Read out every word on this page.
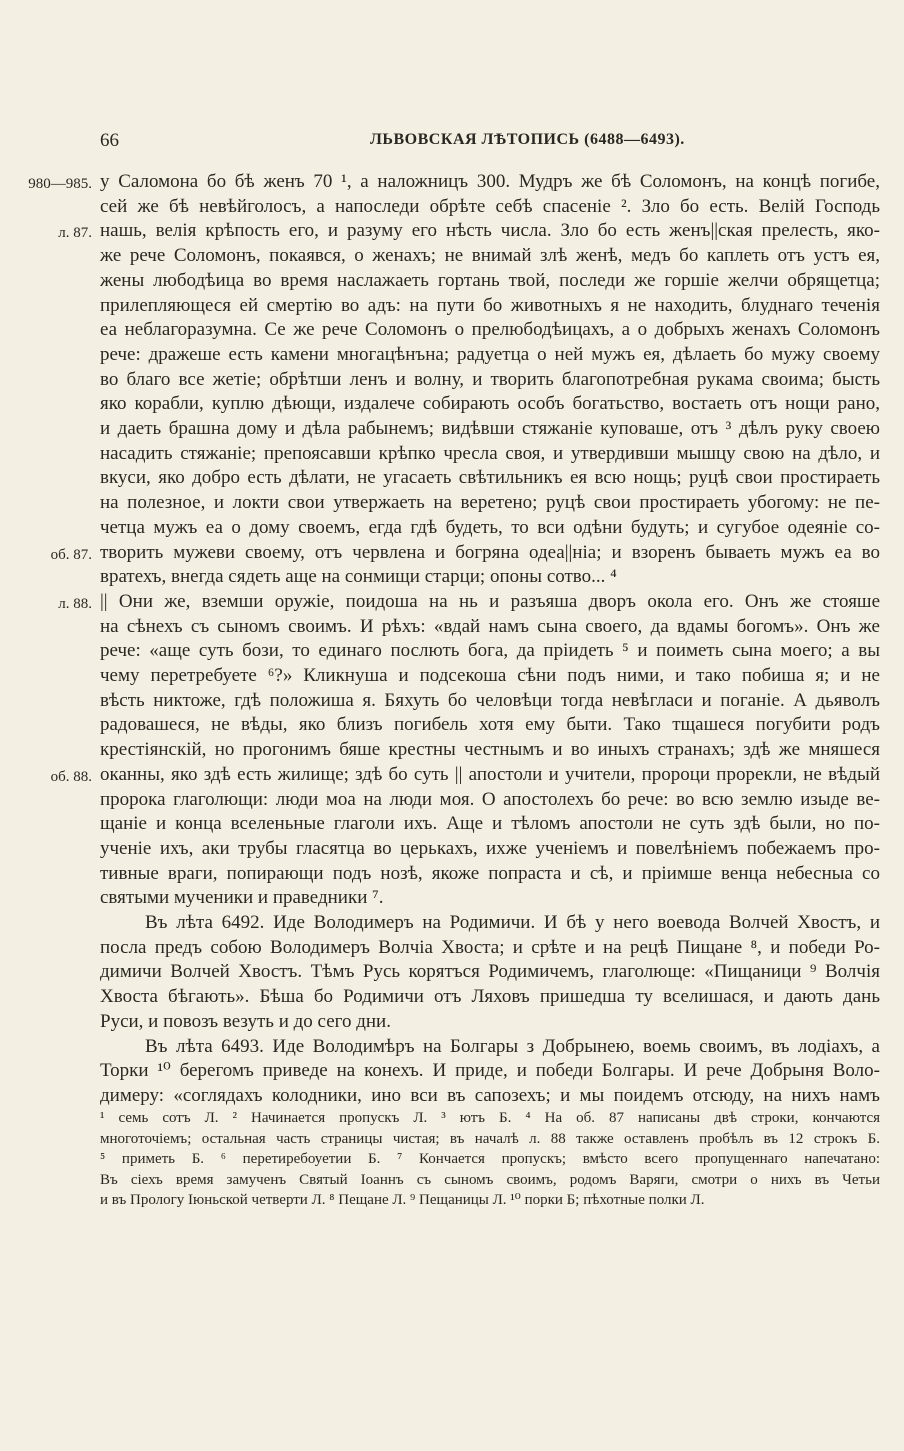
66	ЛЬВОВСКАЯ ЛѢТОПИСЬ (6488—6493).
980—985.
л. 87.
об. 87.
л. 88.
об. 88.
у Саломона бо бѣ женъ 70 ¹, а наложницъ 300. Мудръ же бѣ Соломонъ, на концѣ погибе,
сей же бѣ невѣйголосъ, а напоследи обрѣте себѣ спасеніе ². Зло бо есть. Велій Господь
нашь, велія крѣпость его, и разуму его нѣсть числа. Зло бо есть женъ||ская прелесть, яко-
же рече Соломонъ, покаявся, о женахъ; не внимай злѣ женѣ, медъ бо каплеть отъ устъ ея,
жены любодѣица во время наслажаеть гортань твой, последи же горшіе желчи обрящетца;
прилепляющеся ей смертію во адъ: на пути бо животныхъ я не находить, блуднаго теченія
еа неблагоразумна. Се же рече Соломонъ о прелюбодѣицахъ, а о добрыхъ женахъ Соломонъ
рече: дражеше есть камени многацѣнъна; радуетца о ней мужъ ея, дѣлаеть бо мужу своему
во благо все жетіе; обрѣтши ленъ и волну, и творить благопотребная рукама своима; бысть
яко корабли, куплю дѣющи, издалече собирають особъ богатьство, востаеть отъ нощи рано,
и даеть брашна дому и дѣла рабынемъ; видѣвши стяжаніе куповаше, отъ ³ дѣлъ руку своею
насадить стяжаніе; препоясавши крѣпко чресла своя, и утвердивши мышцу свою на дѣло, и
вкуси, яко добро есть дѣлати, не угасаеть свѣтильникъ ея всю нощь; руцѣ свои простираеть
на полезное, и локти свои утвержаеть на веретено; руцѣ свои простираеть убогому: не пе-
четца мужъ еа о дому своемъ, егда гдѣ будеть, то вси одѣни будуть; и сугубое одеяніе со-
творить мужеви своему, отъ червлена и богряна одеа||ніа; и взоренъ бываеть мужъ еа во
вратехъ, внегда сядеть аще на сонмищи старци; опоны сотво... ⁴
|| Они же, вземши оружіе, поидоша на нь и разъяша дворъ окола его. Онъ же стояше
на сѣнехъ съ сыномъ своимъ. И рѣхъ: «вдай намъ сына своего, да вдамы богомъ». Онъ же
рече: «аще суть бози, то единаго послють бога, да пріидеть ⁵ и поиметь сына моего; а вы
чему перетребуете ⁶?» Кликнуша и подсекоша сѣни подъ ними, и тако побиша я; и не
вѣсть никтоже, гдѣ положиша я. Бяхуть бо человѣци тогда невѣгласи и поганіе. А дьяволъ
радовашеся, не вѣды, яко близъ погибель хотя ему быти. Тако тщашеся погубити родъ
крестіянскій, но прогонимъ бяше крестны честнымъ и во иныхъ странахъ; здѣ же мняшеся
оканны, яко здѣ есть жилище; здѣ бо суть || апостоли и учители, пророци прорекли, не вѣдый
пророка глаголющи: люди моа на люди моя. О апостолехъ бо рече: во всю землю изыде ве-
щаніе и конца вселеньные глаголи ихъ. Аще и тѣломъ апостоли не суть здѣ были, но по-
ученіе ихъ, аки трубы гласятца во церькахъ, ихже ученіемъ и повелѣніемъ побежаемъ про-
тивные враги, попирающи подъ нозѣ, якоже попраста и сѣ, и пріимше венца небесныа со
святыми мученики и праведники ⁷.
Въ лѣта 6492. Иде Володимеръ на Родимичи. И бѣ у него воевода Волчей Хвостъ, и
посла предъ собою Володимеръ Волчіа Хвоста; и срѣте и на рецѣ Пищане ⁸, и победи Ро-
димичи Волчей Хвостъ. Тѣмъ Русь корятъся Родимичемъ, глаголюще: «Пищаници ⁹ Волчія
Хвоста бѣгають». Бѣша бо Родимичи отъ Ляховъ пришедша ту вселишася, и дають дань
Руси, и повозъ везуть и до сего дни.
Въ лѣта 6493. Иде Володимѣръ на Болгары з Добрынею, воемь своимъ, въ лодіахъ, а
Торки ¹⁰ берегомъ приведе на конехъ. И приде, и победи Болгары. И рече Добрыня Воло-
димеру: «соглядахъ колодники, ино вси въ сапозехъ; и мы поидемъ отсюду, на нихъ намъ
¹ семь сотъ Л. ² Начинается пропускъ Л. ³ ютъ Б. ⁴ На об. 87 написаны двѣ строки, кончаются
многоточіемъ; остальная часть страницы чистая; въ началѣ л. 88 также оставленъ пробѣлъ въ 12 строкъ Б.
⁵ приметь Б. ⁶ перетиребоуетии Б. ⁷ Кончается пропускъ; вмѣсто всего пропущеннаго напечатано:
Въ сіехъ время замученъ Святый Іоаннъ съ сыномъ своимъ, родомъ Варяги, смотри о нихъ въ Четьи
и въ Прологу Іюньской четверти Л. ⁸ Пещане Л. ⁹ Пещаницы Л. ¹⁰ порки Б; пѣхотные полки Л.
